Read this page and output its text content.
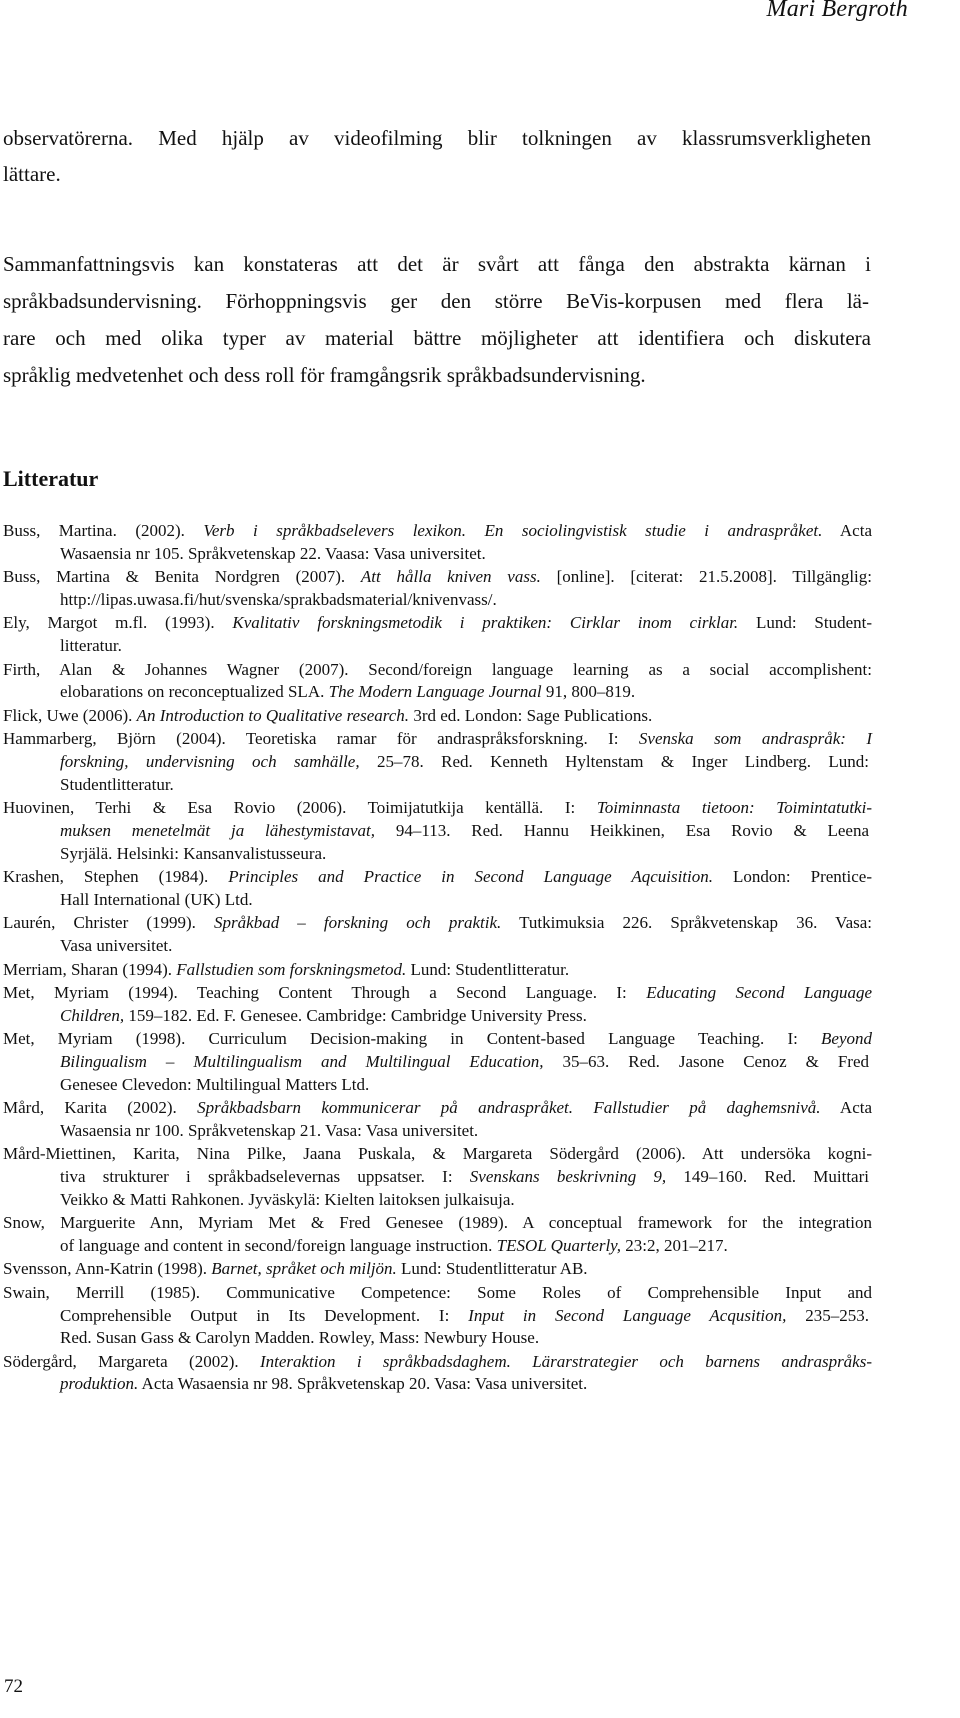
Mari Bergroth
observatörerna. Med hjälp av videofilming blir tolkningen av klassrumsverkligheten
lättare.
Sammanfattningsvis kan konstateras att det är svårt att fånga den abstrakta kärnan i
språkbadsundervisning. Förhoppningsvis ger den större BeVis-korpusen med flera lä-
rare och med olika typer av material bättre möjligheter att identifiera och diskutera
språklig medvetenhet och dess roll för framgångsrik språkbadsundervisning.
Litteratur
Buss, Martina. (2002). Verb i språkbadselevers lexikon. En sociolingvistisk studie i andraspråket. Acta
Wasaensia nr 105. Språkvetenskap 22. Vaasa: Vasa universitet.
Buss, Martina & Benita Nordgren (2007). Att hålla kniven vass. [online]. [citerat: 21.5.2008]. Tillgänglig:
http://lipas.uwasa.fi/hut/svenska/sprakbadsmaterial/knivenvass/.
Ely, Margot m.fl. (1993). Kvalitativ forskningsmetodik i praktiken: Cirklar inom cirklar. Lund: Student-
litteratur.
Firth, Alan & Johannes Wagner (2007). Second/foreign language learning as a social accomplishent:
elobarations on reconceptualized SLA. The Modern Language Journal 91, 800–819.
Flick, Uwe (2006). An Introduction to Qualitative research. 3rd ed. London: Sage Publications.
Hammarberg, Björn (2004). Teoretiska ramar för andraspråksforskning. I: Svenska som andraspråk: I
forskning, undervisning och samhälle, 25–78. Red. Kenneth Hyltenstam & Inger Lindberg. Lund:
Studentlitteratur.
Huovinen, Terhi & Esa Rovio (2006). Toimijatutkija kentällä. I: Toiminnasta tietoon: Toimintatutki-
muksen menetelmät ja lähestymistavat, 94–113. Red. Hannu Heikkinen, Esa Rovio & Leena
Syrjälä. Helsinki: Kansanvalistusseura.
Krashen, Stephen (1984). Principles and Practice in Second Language Aqcuisition. London: Prentice-
Hall International (UK) Ltd.
Laurén, Christer (1999). Språkbad – forskning och praktik. Tutkimuksia 226. Språkvetenskap 36. Vasa:
Vasa universitet.
Merriam, Sharan (1994). Fallstudien som forskningsmetod. Lund: Studentlitteratur.
Met, Myriam (1994). Teaching Content Through a Second Language. I: Educating Second Language
Children, 159–182. Ed. F. Genesee. Cambridge: Cambridge University Press.
Met, Myriam (1998). Curriculum Decision-making in Content-based Language Teaching. I: Beyond
Bilingualism – Multilingualism and Multilingual Education, 35–63. Red. Jasone Cenoz & Fred
Genesee Clevedon: Multilingual Matters Ltd.
Mård, Karita (2002). Språkbadsbarn kommunicerar på andraspråket. Fallstudier på daghemsnivå. Acta
Wasaensia nr 100. Språkvetenskap 21. Vasa: Vasa universitet.
Mård-Miettinen, Karita, Nina Pilke, Jaana Puskala, & Margareta Södergård (2006). Att undersöka kogni-
tiva strukturer i språkbadselevernas uppsatser. I: Svenskans beskrivning 9, 149–160. Red. Muittari
Veikko & Matti Rahkonen. Jyväskylä: Kielten laitoksen julkaisuja.
Snow, Marguerite Ann, Myriam Met & Fred Genesee (1989). A conceptual framework for the integration
of language and content in second/foreign language instruction. TESOL Quarterly, 23:2, 201–217.
Svensson, Ann-Katrin (1998). Barnet, språket och miljön. Lund: Studentlitteratur AB.
Swain, Merrill (1985). Communicative Competence: Some Roles of Comprehensible Input and
Comprehensible Output in Its Development. I: Input in Second Language Acqusition, 235–253.
Red. Susan Gass & Carolyn Madden. Rowley, Mass: Newbury House.
Södergård, Margareta (2002). Interaktion i språkbadsdaghem. Lärarstrategier och barnens andraspråks-
produktion. Acta Wasaensia nr 98. Språkvetenskap 20. Vasa: Vasa universitet.
72
